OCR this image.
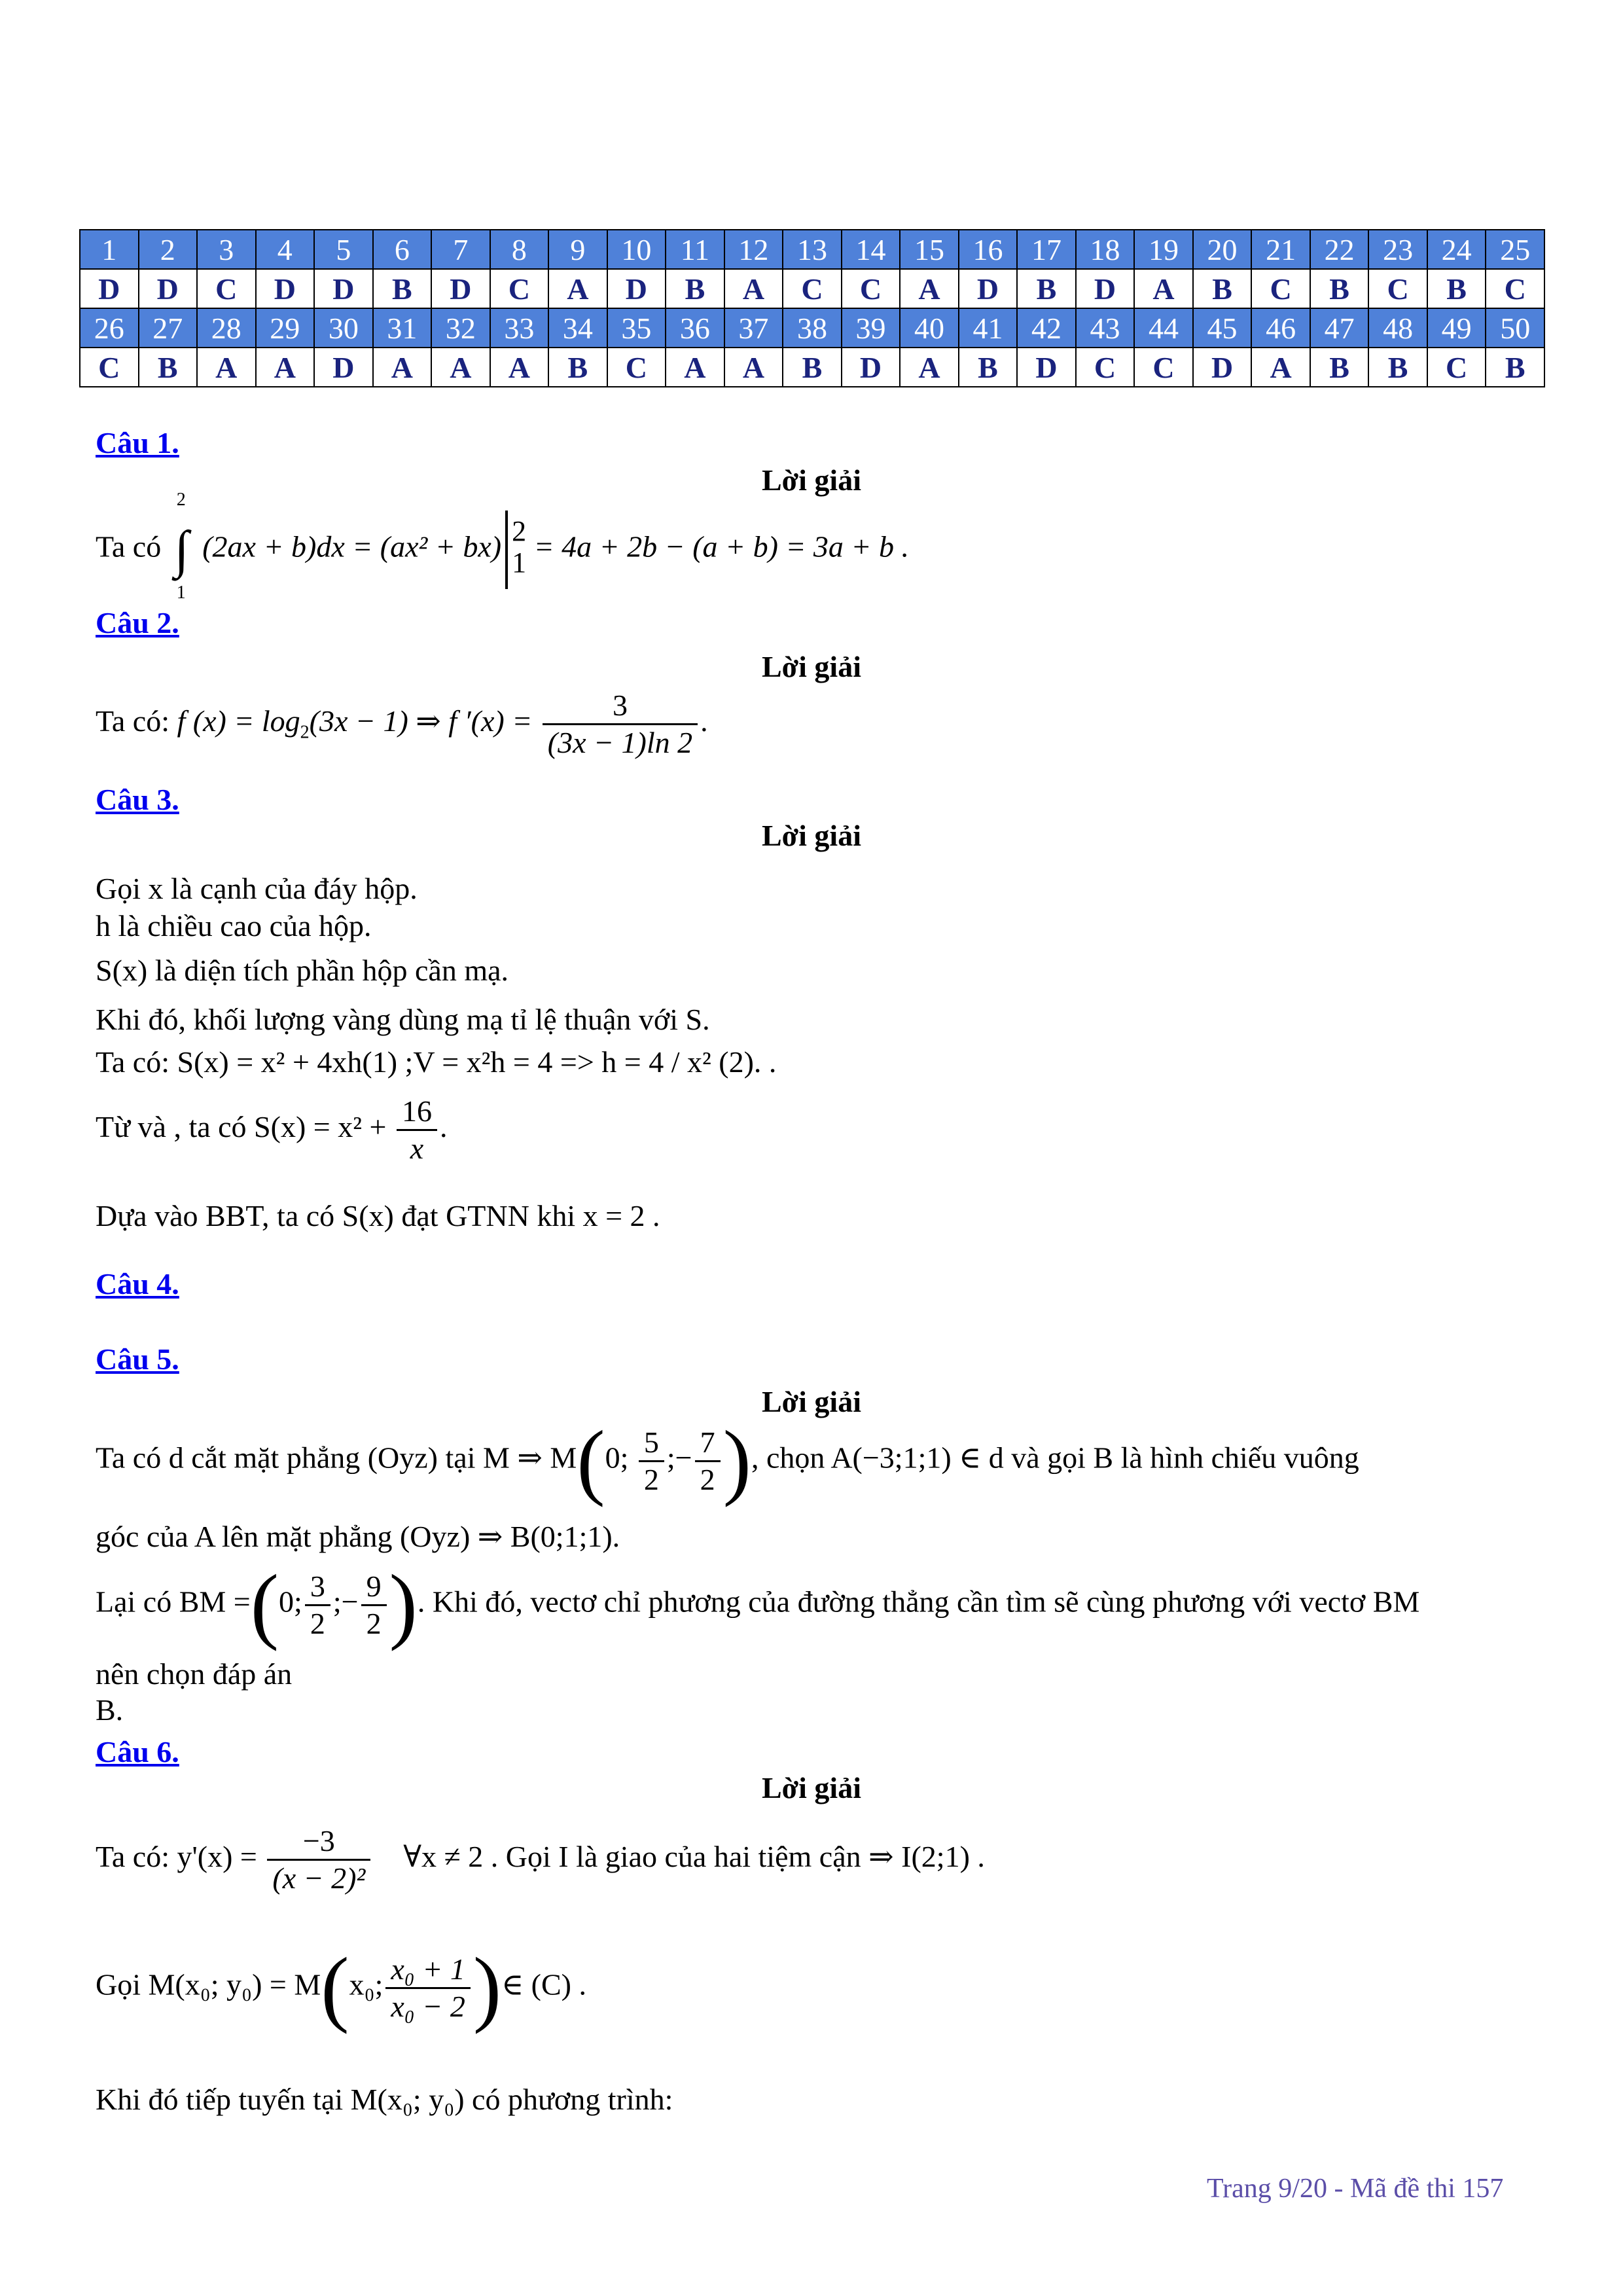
1	2	3	4	5	6	7	8	9	10	11	12	13	14	15	16	17	18	19	20	21	22	23	24	25
D	D	C	D	D	B	D	C	A	D	B	A	C	C	A	D	B	D	A	B	C	B	C	B	C
26	27	28	29	30	31	32	33	34	35	36	37	38	39	40	41	42	43	44	45	46	47	48	49	50
C	B	A	A	D	A	A	A	B	C	A	A	B	D	A	B	D	C	C	D	A	B	B	C	B
Câu 1.
Lời giải
Ta có
2
∫
1
(2ax + b)dx = (ax² + bx) 2
1 = 4a + 2b − (a + b) = 3a + b .
Câu 2.
Lời giải
Ta có: f $(x) = \log_2(3x - 1)$ ⇒ f $'(x) = \frac{3}{(3x - 1)\ln 2}$ .
Câu 3.
Lời giải
Gọi x là cạnh của đáy hộp.
h là chiều cao của hộp.
S(x) là diện tích phần hộp cần mạ.
Khi đó, khối lượng vàng dùng mạ tỉ lệ thuận với S.
Ta có: S(x) = x² + 4xh(1) ;V = x²h = 4 => h = 4 / x² (2). .
Từ và , ta có $S(x) = x^2 + \frac{16}{x}$ .
Dựa vào BBT, ta có S(x) đạt GTNN khi x = 2 .
Câu 4.
Câu 5.
Lời giải
Ta có d cắt mặt phẳng (Oyz) tại M ⇒ M(0; $\frac{5}{2}$ ;− $\frac{7}{2}$ ), chọn A(−3;1;1) ∈ d và gọi B là hình chiếu vuông
góc của A lên mặt phẳng (Oyz) ⇒ B(0;1;1).
Lại có BM =(0; $\frac{3}{2}$ ;− $\frac{9}{2}$ ). Khi đó, vectơ chỉ phương của đường thẳng cần tìm sẽ cùng phương với vectơ BM
nên chọn đáp án
B.
Câu 6.
Lời giải
Ta có: $y'(x) = \frac{-3}{\text{(x − 2)²}}$ ∀x ≠ 2 . Gọi I là giao của hai tiệm cận ⇒ I(2;1) .
Gọi M(x₀; y₀) = M(x₀; $\frac{\text{x₀ + 1}}{\text{x₀ − 2}}$ )∈ (C) .
Khi đó tiếp tuyến tại M(x₀; y₀) có phương trình:
Trang 9/20 - Mã đề thi 157
